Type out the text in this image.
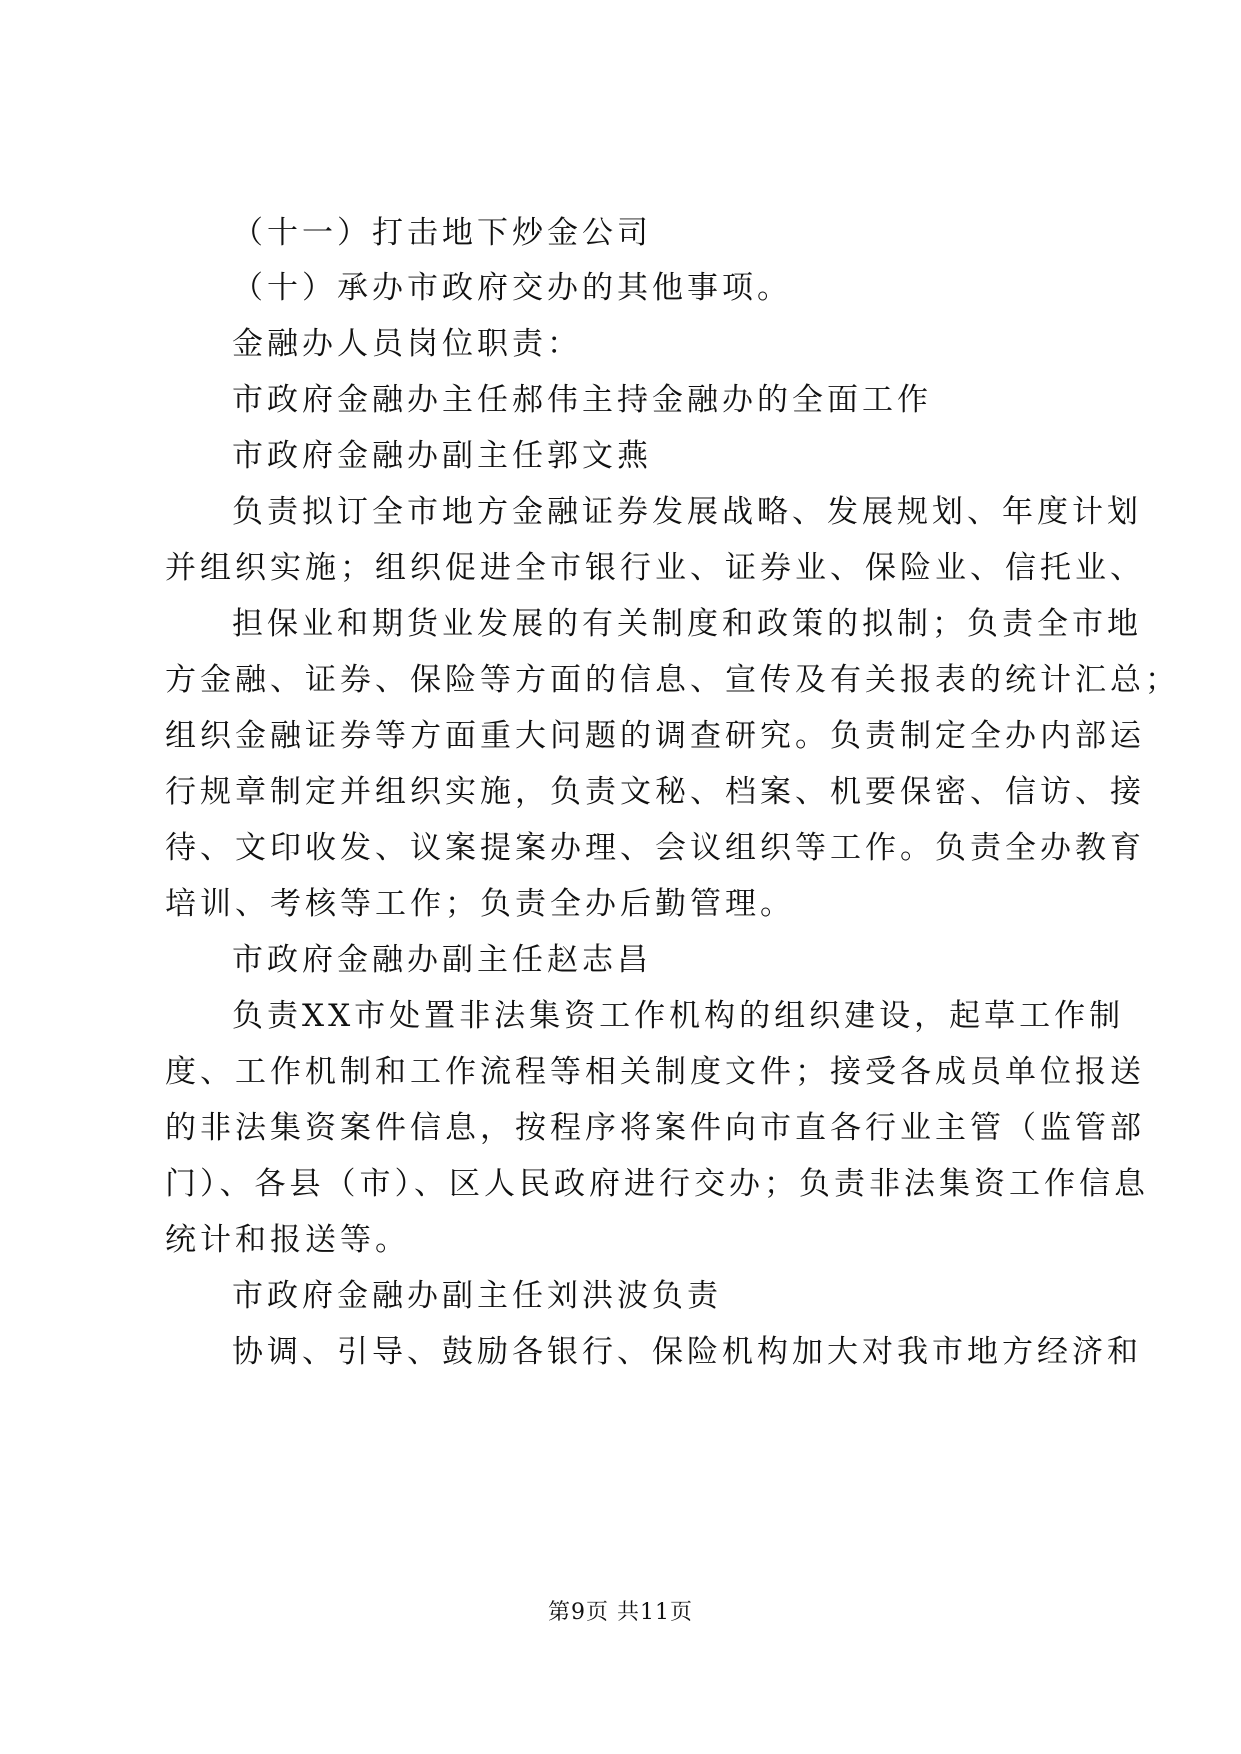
（十一）打击地下炒金公司
（十）承办市政府交办的其他事项。
金融办人员岗位职责：
市政府金融办主任郝伟主持金融办的全面工作
市政府金融办副主任郭文燕
负责拟订全市地方金融证券发展战略、发展规划、年度计划
并组织实施；组织促进全市银行业、证券业、保险业、信托业、
担保业和期货业发展的有关制度和政策的拟制；负责全市地
方金融、证券、保险等方面的信息、宣传及有关报表的统计汇总；
组织金融证券等方面重大问题的调查研究。负责制定全办内部运
行规章制定并组织实施，负责文秘、档案、机要保密、信访、接
待、文印收发、议案提案办理、会议组织等工作。负责全办教育
培训、考核等工作；负责全办后勤管理。
市政府金融办副主任赵志昌
负责XX市处置非法集资工作机构的组织建设，起草工作制
度、工作机制和工作流程等相关制度文件；接受各成员单位报送
的非法集资案件信息，按程序将案件向市直各行业主管（监管部
门）、各县（市）、区人民政府进行交办；负责非法集资工作信息
统计和报送等。
市政府金融办副主任刘洪波负责
协调、引导、鼓励各银行、保险机构加大对我市地方经济和
第9页 共11页
